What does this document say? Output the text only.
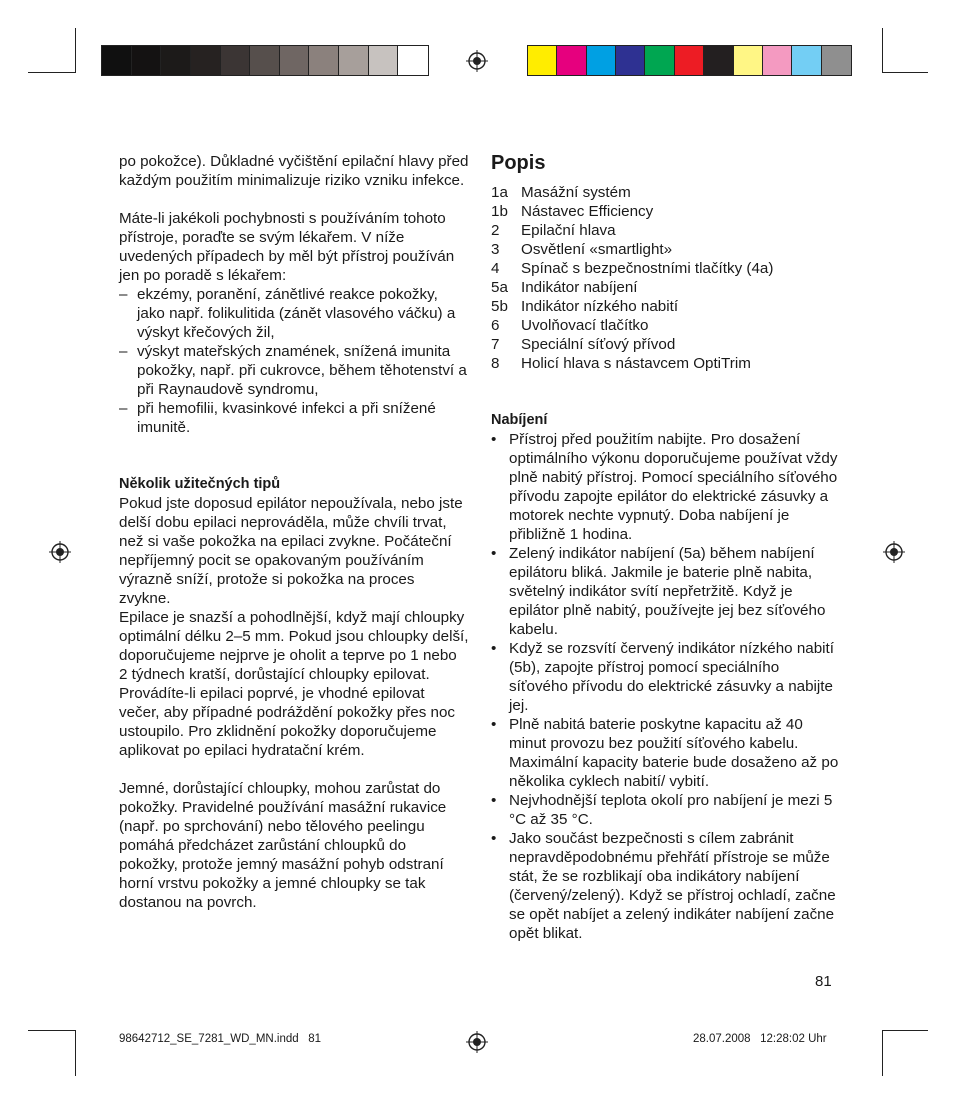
po pokožce). Důkladné vyčištění epilační hlavy před každým použitím minimalizuje riziko vzniku infekce.

Máte-li jakékoli pochybnosti s používáním tohoto přístroje, poraďte se svým lékařem. V níže uvedených případech by měl být přístroj používán jen po poradě s lékařem:

– ekzémy, poranění, zánětlivé reakce pokožky, jako např. folikulitida (zánět vlasového váčku) a výskyt křečových žil,
– výskyt mateřských znamének, snížená imunita pokožky, např. při cukrovce, během těhotenství a při Raynaudově syndromu,
– při hemofilii, kvasinkové infekci a při snížené imunitě.
Několik užitečných tipů

Pokud jste doposud epilátor nepoužívala, nebo jste delší dobu epilaci neprováděla, může chvíli trvat, než si vaše pokožka na epilaci zvykne. Počáteční nepříjemný pocit se opakovaným používáním výrazně sníží, protože si pokožka na proces zvykne.

Epilace je snazší a pohodlnější, když mají chloupky optimální délku 2–5 mm. Pokud jsou chloupky delší, doporučujeme nejprve je oholit a teprve po 1 nebo 2 týdnech kratší, dorůstající chloupky epilovat.

Provádíte-li epilaci poprvé, je vhodné epilovat večer, aby případné podráždění pokožky přes noc ustoupilo. Pro zklidnění pokožky doporučujeme aplikovat po epilaci hydratační krém.

Jemné, dorůstající chloupky, mohou zarůstat do pokožky. Pravidelné používání masážní rukavice (např. po sprchování) nebo tělového peelingu pomáhá předcházet zarůstání chloupků do pokožky, protože jemný masážní pohyb odstraní horní vrstvu pokožky a jemné chloupky se tak dostanou na povrch.

Popis
1a Masážní systém
1b Nástavec Efficiency
2	Epilační hlava
3	Osvětlení «smartlight»
4	Spínač s bezpečnostními tlačítky (4a)
5a Indikátor nabíjení
5b Indikátor nízkého nabití
6	Uvolňovací tlačítko
7	Speciální síťový přívod
8	Holicí hlava s nástavcem OptiTrim
Nabíjení
• Přístroj před použitím nabijte. Pro dosažení optimálního výkonu doporučujeme používat vždy plně nabitý přístroj. Pomocí speciálního síťového přívodu zapojte epilátor do elektrické zásuvky a motorek nechte vypnutý. Doba nabíjení je přibližně 1 hodina.
• Zelený indikátor nabíjení (5a) během nabíjení epilátoru bliká. Jakmile je baterie plně nabita, světelný indikátor svítí nepřetržitě. Když je epilátor plně nabitý, používejte jej bez síťového kabelu.
• Když se rozsvítí červený indikátor nízkého nabití (5b), zapojte přístroj pomocí speciálního síťového přívodu do elektrické zásuvky a nabijte jej.
• Plně nabitá baterie poskytne kapacitu až 40 minut provozu bez použití síťového kabelu. Maximální kapacity baterie bude dosaženo až po několika cyklech nabití/ vybití.
• Nejvhodnější teplota okolí pro nabíjení je mezi 5 °C až 35 °C.
• Jako součást bezpečnosti s cílem zabránit nepravděpodobnému přehřátí přístroje se může stát, že se rozblikají oba indikátory nabíjení (červený/zelený). Když se přístroj ochladí, začne se opět nabíjet a zelený indikáter nabíjení začne opět blikat.
81
98642712_SE_7281_WD_MN.indd   81	28.07.2008   12:28:02 Uhr
